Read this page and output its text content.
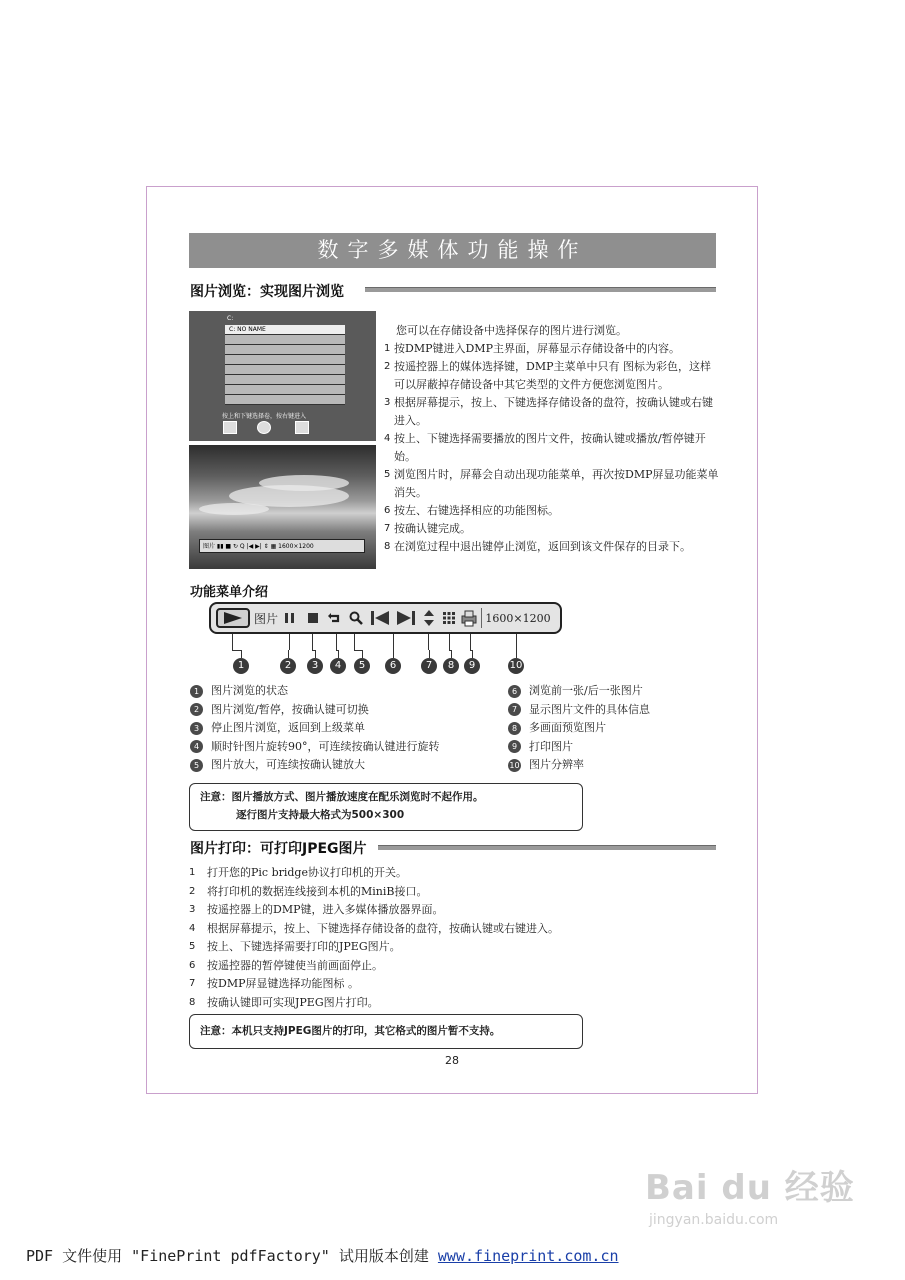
数字多媒体功能操作
图片浏览：实现图片浏览
C:
C: NO NAME
按上和下键选择卷，按右键进入
图片 ▮▮ ■ ↻ Q |◀ ▶| ⇕ ▦ 1600×1200
您可以在存储设备中选择保存的图片进行浏览。
1 按DMP键进入DMP主界面，屏幕显示存储设备中的内容。
2 按遥控器上的媒体选择键，DMP主菜单中只有 图标为彩色，这样可以屏蔽掉存储设备中其它类型的文件方便您浏览图片。
3 根据屏幕提示，按上、下键选择存储设备的盘符，按确认键或右键进入。
4 按上、下键选择需要播放的图片文件，按确认键或播放/暂停键开始。
5 浏览图片时，屏幕会自动出现功能菜单，再次按DMP屏显功能菜单消失。
6 按左、右键选择相应的功能图标。
7 按确认键完成。
8 在浏览过程中退出键停止浏览，返回到该文件保存的目录下。
功能菜单介绍
图片	1600×1200
1	2	3	4	5	6	7	8	9	10
1	图片浏览的状态
2	图片浏览/暂停，按确认键可切换
3	停止图片浏览，返回到上级菜单
4	顺时针图片旋转90°，可连续按确认键进行旋转
5	图片放大，可连续按确认键放大
6	浏览前一张/后一张图片
7	显示图片文件的具体信息
8	多画面预览图片
9	打印图片
10 图片分辨率
注意：图片播放方式、图片播放速度在配乐浏览时不起作用。
逐行图片支持最大格式为500×300
图片打印：可打印JPEG图片
1	打开您的Pic bridge协议打印机的开关。
2	将打印机的数据连线接到本机的MiniB接口。
3	按遥控器上的DMP键，进入多媒体播放器界面。
4	根据屏幕提示，按上、下键选择存储设备的盘符，按确认键或右键进入。
5	按上、下键选择需要打印的JPEG图片。
6	按遥控器的暂停键使当前画面停止。
7	按DMP屏显键选择功能图标 。
8	按确认键即可实现JPEG图片打印。
注意：本机只支持JPEG图片的打印，其它格式的图片暂不支持。
28
Bai du 经验
jingyan.baidu.com
PDF 文件使用 "FinePrint pdfFactory" 试用版本创建 www.fineprint.com.cn
